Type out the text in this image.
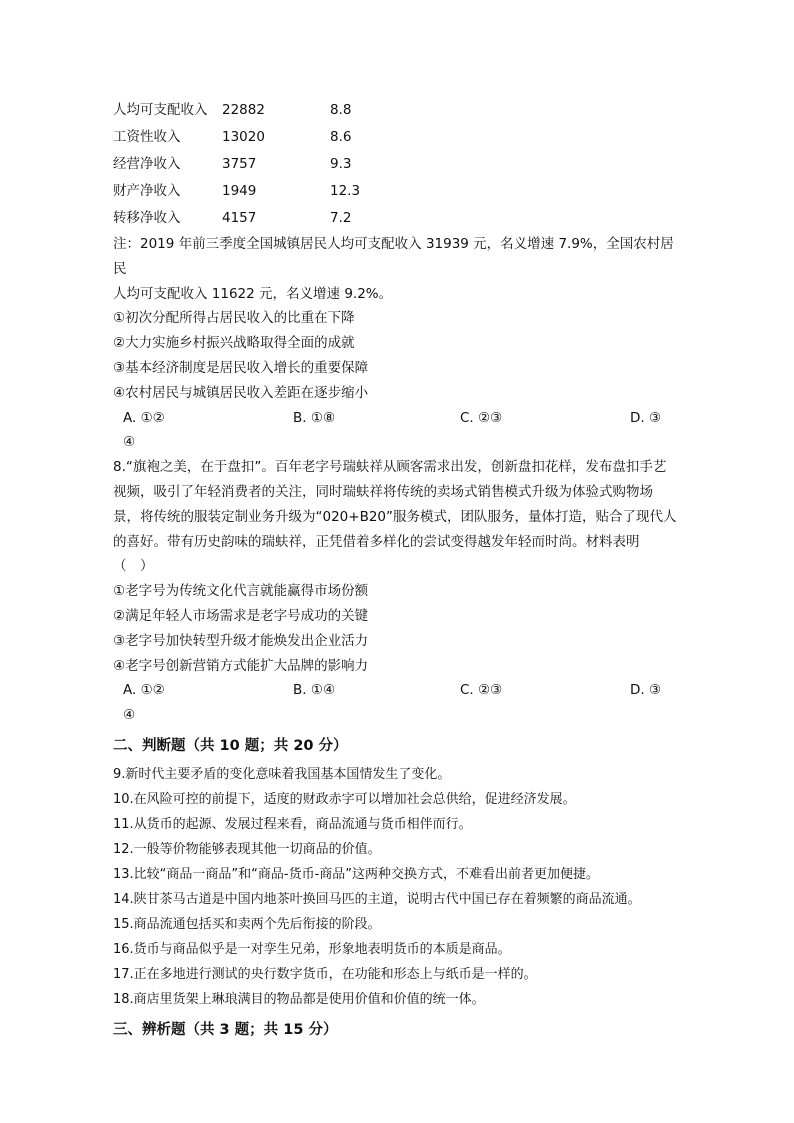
人均可支配收入 22882	8.8
工资性收入	13020	8.6
经营净收入	3757	9.3
财产净收入	1949	12.3
转移净收入	4157	7.2

注：2019 年前三季度全国城镇居民人均可支配收入 31939 元，名义增速 7.9%，全国农村居民

人均可支配收入 11622 元，名义增速 9.2%。

①初次分配所得占居民收入的比重在下降

②大力实施乡村振兴战略取得全面的成就

③基本经济制度是居民收入增长的重要保障

④农村居民与城镇居民收入差距在逐步缩小

A. ①②	B. ①⑧	C. ②③	D. ③
④

8.“旗袍之美，在于盘扣”。百年老字号瑞蚨祥从顾客需求出发，创新盘扣花样，发布盘扣手艺

视频，吸引了年轻消费者的关注，同时瑞蚨祥将传统的卖场式销售模式升级为体验式购物场

景，将传统的服装定制业务升级为“020+B20”服务模式，团队服务，量体打造，贴合了现代人

的喜好。带有历史韵味的瑞蚨祥，正凭借着多样化的尝试变得越发年轻而时尚。材料表明

（　）

①老字号为传统文化代言就能赢得市场份额

②满足年轻人市场需求是老字号成功的关键

③老字号加快转型升级才能焕发出企业活力

④老字号创新营销方式能扩大品牌的影响力

A. ①②	B. ①④	C. ②③	D. ③
④
二、判断题（共 10 题；共 20 分）

9.新时代主要矛盾的变化意味着我国基本国情发生了变化。

10.在风险可控的前提下，适度的财政赤字可以增加社会总供给，促进经济发展。

11.从货币的起源、发展过程来看，商品流通与货币相伴而行。

12.一般等价物能够表现其他一切商品的价值。

13.比较“商品一商品”和“商品-货币-商品”这两种交换方式，不难看出前者更加便捷。

14.陕甘茶马古道是中国内地茶叶换回马匹的主道，说明古代中国已存在着频繁的商品流通。

15.商品流通包括买和卖两个先后衔接的阶段。

16.货币与商品似乎是一对孪生兄弟，形象地表明货币的本质是商品。

17.正在多地进行测试的央行数字货币，在功能和形态上与纸币是一样的。

18.商店里货架上琳琅满目的物品都是使用价值和价值的统一体。

三、辨析题（共 3 题；共 15 分）
